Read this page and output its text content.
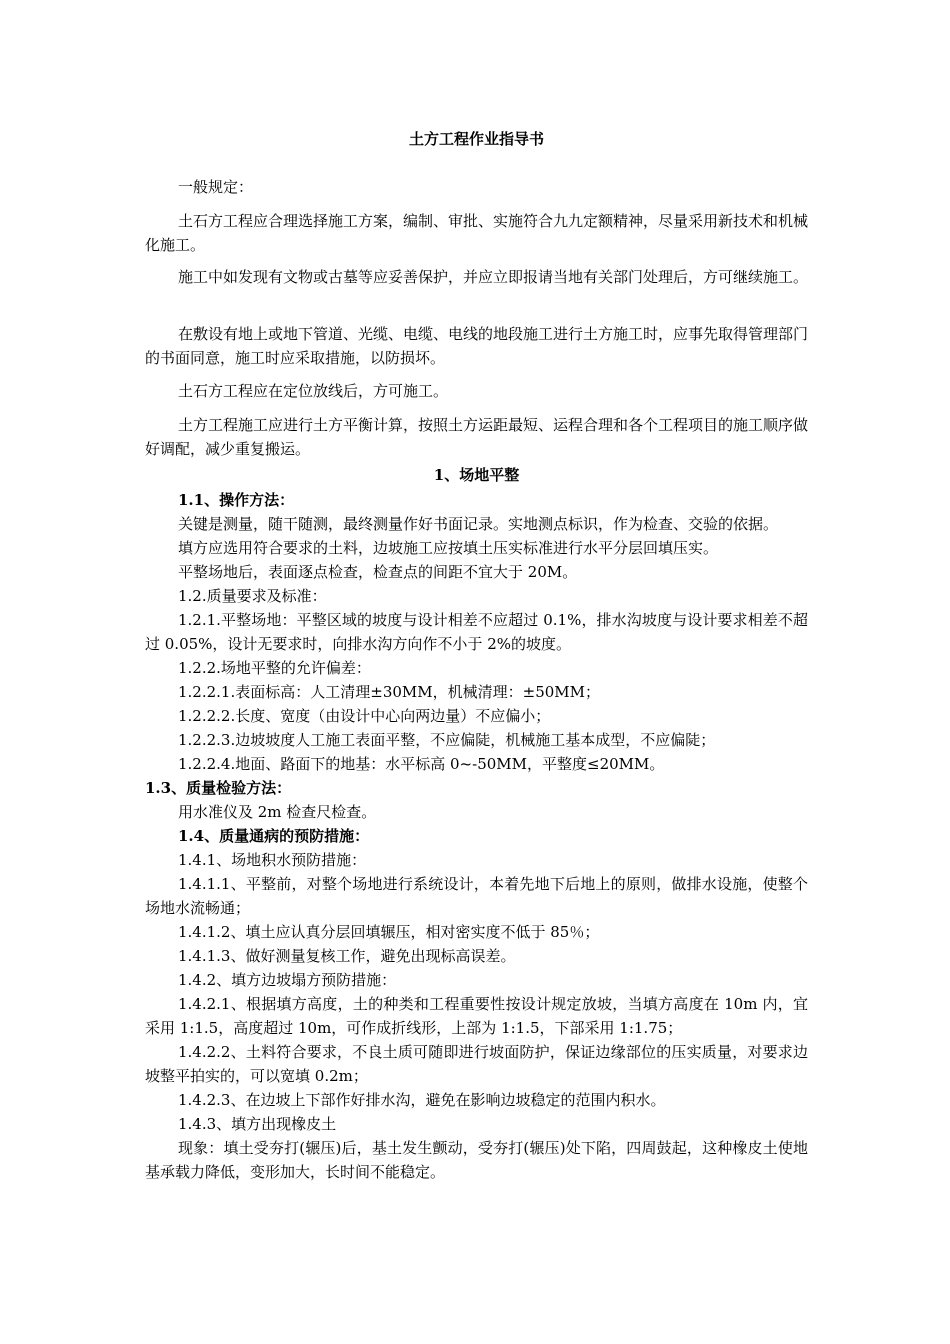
土方工程作业指导书

一般规定：

土石方工程应合理选择施工方案，编制、审批、实施符合九九定额精神，尽量采用新技术和机械化施工。

施工中如发现有文物或古墓等应妥善保护，并应立即报请当地有关部门处理后，方可继续施工。

在敷设有地上或地下管道、光缆、电缆、电线的地段施工进行土方施工时，应事先取得管理部门的书面同意，施工时应采取措施，以防损坏。

土石方工程应在定位放线后，方可施工。

土方工程施工应进行土方平衡计算，按照土方运距最短、运程合理和各个工程项目的施工顺序做好调配，减少重复搬运。

1、场地平整

1.1、操作方法：

关键是测量，随干随测，最终测量作好书面记录。实地测点标识，作为检查、交验的依据。

填方应选用符合要求的土料，边坡施工应按填土压实标准进行水平分层回填压实。

平整场地后，表面逐点检查，检查点的间距不宜大于 20M。

1.2.质量要求及标准：

1.2.1.平整场地：平整区域的坡度与设计相差不应超过 0.1%，排水沟坡度与设计要求相差不超过 0.05%，设计无要求时，向排水沟方向作不小于 2%的坡度。

1.2.2.场地平整的允许偏差：

1.2.2.1.表面标高：人工清理±30MM，机械清理：±50MM；

1.2.2.2.长度、宽度（由设计中心向两边量）不应偏小；

1.2.2.3.边坡坡度人工施工表面平整，不应偏陡，机械施工基本成型，不应偏陡；

1.2.2.4.地面、路面下的地基：水平标高 0~-50MM，平整度≤20MM。

1.3、质量检验方法：

用水准仪及 2m 检查尺检查。

1.4、质量通病的预防措施：

1.4.1、场地积水预防措施：

1.4.1.1、平整前，对整个场地进行系统设计，本着先地下后地上的原则，做排水设施，使整个场地水流畅通；

1.4.1.2、填土应认真分层回填辗压，相对密实度不低于 85％；

1.4.1.3、做好测量复核工作，避免出现标高误差。

1.4.2、填方边坡塌方预防措施：

1.4.2.1、根据填方高度，土的种类和工程重要性按设计规定放坡，当填方高度在 10m 内，宜采用 1:1.5，高度超过 10m，可作成折线形，上部为 1:1.5，下部采用 1:1.75；

1.4.2.2、土料符合要求，不良土质可随即进行坡面防护，保证边缘部位的压实质量，对要求边坡整平拍实的，可以宽填 0.2m；

1.4.2.3、在边坡上下部作好排水沟，避免在影响边坡稳定的范围内积水。

1.4.3、填方出现橡皮土

现象：填土受夯打(辗压)后，基土发生颤动，受夯打(辗压)处下陷，四周鼓起，这种橡皮土使地基承载力降低，变形加大，长时间不能稳定。
